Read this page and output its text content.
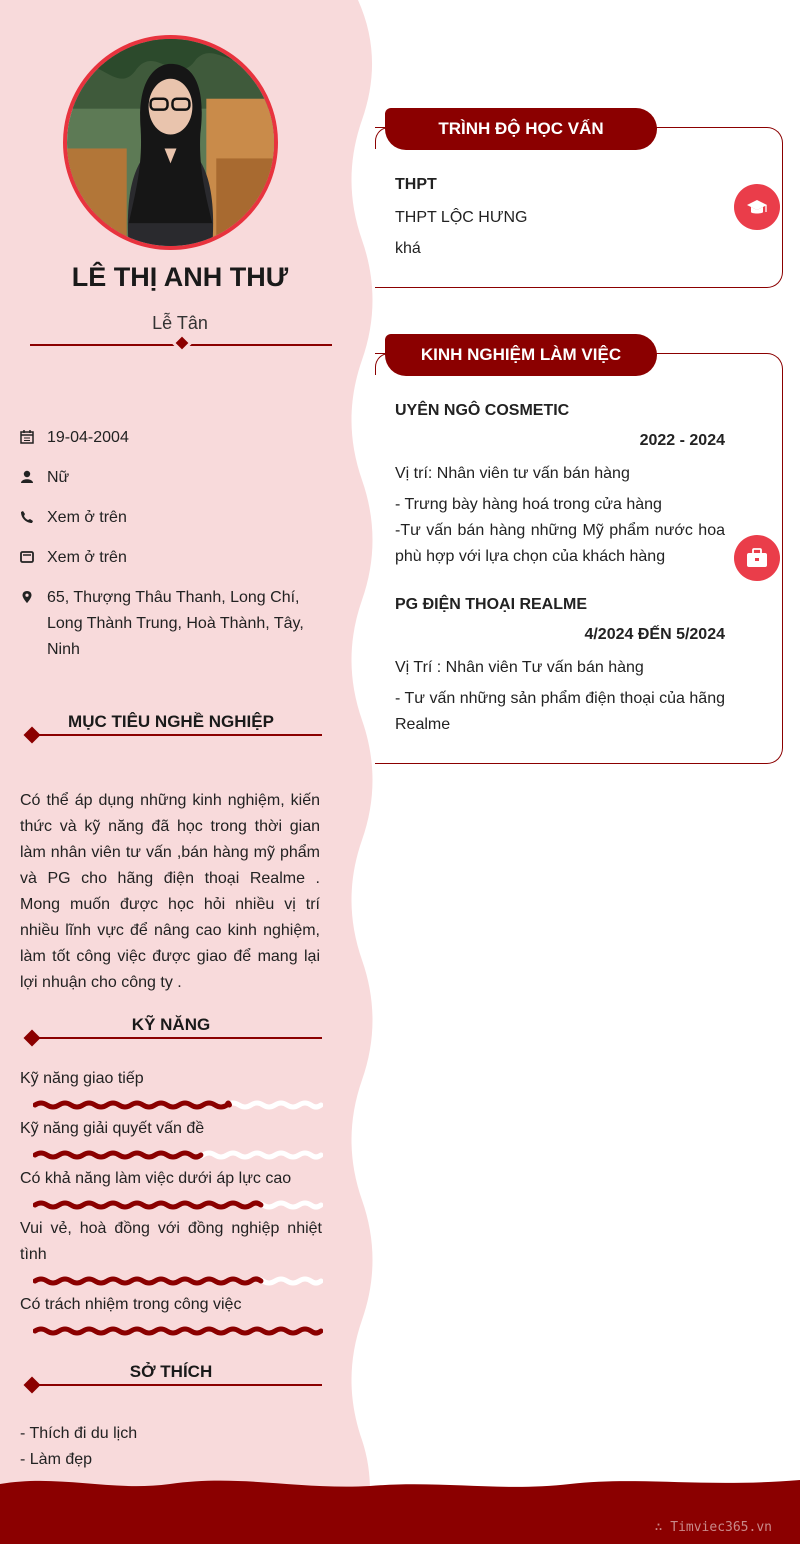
LÊ THỊ ANH THƯ
Lễ Tân
19-04-2004
Nữ
Xem ở trên
Xem ở trên
65, Thượng Thâu Thanh, Long Chí, Long Thành Trung, Hoà Thành, Tây, Ninh
MỤC TIÊU NGHỀ NGHIỆP
Có thể áp dụng những kinh nghiệm, kiến thức và kỹ năng đã học trong thời gian làm nhân viên tư vấn ,bán hàng mỹ phẩm và PG cho hãng điện thoại Realme . Mong muốn được học hỏi nhiều vị trí nhiều lĩnh vực để nâng cao kinh nghiệm, làm tốt công việc được giao để mang lại lợi nhuận cho công ty .
KỸ NĂNG
Kỹ năng giao tiếp
Kỹ năng giải quyết vấn đề
Có khả năng làm việc dưới áp lực cao
Vui vẻ, hoà đồng với đồng nghiệp nhiệt tình
Có trách nhiệm trong công việc
SỞ THÍCH
- Thích đi du lịch
- Làm đẹp
TRÌNH ĐỘ HỌC VẤN
THPT
THPT LỘC HƯNG
khá
KINH NGHIỆM LÀM VIỆC
UYÊN NGÔ COSMETIC
2022 - 2024
Vị trí: Nhân viên tư vấn bán hàng
- Trưng bày hàng hoá trong cửa hàng
-Tư vấn bán hàng những Mỹ phẩm nước hoa phù hợp với lựa chọn của khách hàng
PG ĐIỆN THOẠI REALME
4/2024 ĐẾN 5/2024
Vị Trí : Nhân viên Tư vấn bán hàng
- Tư vấn những sản phẩm điện thoại của hãng Realme
∴ Timviec365.vn
